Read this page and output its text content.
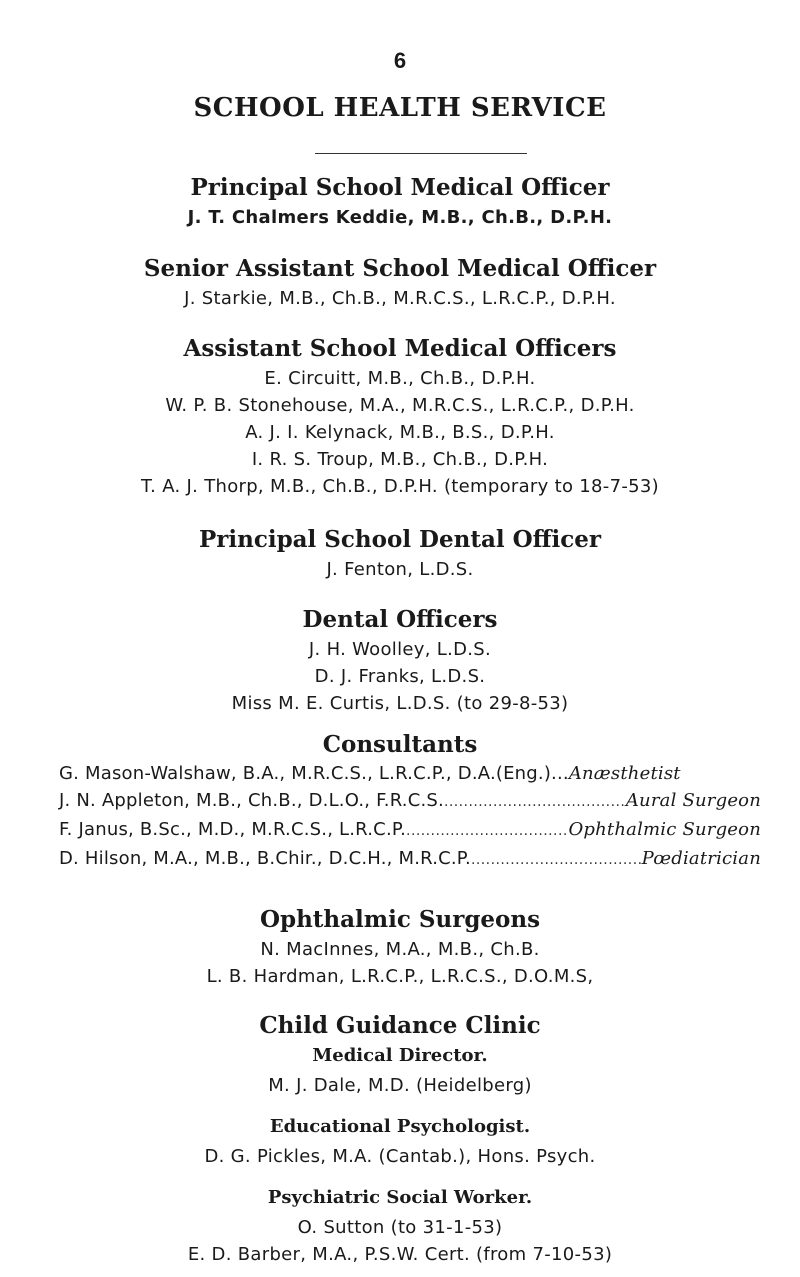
6
SCHOOL HEALTH SERVICE
Principal School Medical Officer

J. T. Chalmers Keddie, M.B., Ch.B., D.P.H.

Senior Assistant School Medical Officer

J. Starkie, M.B., Ch.B., M.R.C.S., L.R.C.P., D.P.H.

Assistant School Medical Officers

E. Circuitt, M.B., Ch.B., D.P.H.

W. P. B. Stonehouse, M.A., M.R.C.S., L.R.C.P., D.P.H.

A. J. I. Kelynack, M.B., B.S., D.P.H.

I. R. S. Troup, M.B., Ch.B., D.P.H.

T. A. J. Thorp, M.B., Ch.B., D.P.H. (temporary to 18-7-53)

Principal School Dental Officer

J. Fenton, L.D.S.

Dental Officers

J. H. Woolley, L.D.S.

D. J. Franks, L.D.S.

Miss M. E. Curtis, L.D.S. (to 29-8-53)

Consultants
G. Mason-Walshaw, B.A., M.R.C.S., L.R.C.P., D.A.(Eng.)... Anæsthetist
J. N. Appleton, M.B., Ch.B., D.L.O., F.R.C.S. . . .	Aural Surgeon
F. Janus, B.Sc., M.D., M.R.C.S., L.R.C.P. . . .	Ophthalmic Surgeon
D. Hilson, M.A., M.B., B.Chir., D.C.H., M.R.C.P. . . .	Pœdiatrician
Ophthalmic Surgeons

N. MacInnes, M.A., M.B., Ch.B.

L. B. Hardman, L.R.C.P., L.R.C.S., D.O.M.S,

Child Guidance Clinic

Medical Director.

M. J. Dale, M.D. (Heidelberg)

Educational Psychologist.

D. G. Pickles, M.A. (Cantab.), Hons. Psych.

Psychiatric Social Worker.

O. Sutton (to 31-1-53)

E. D. Barber, M.A., P.S.W. Cert. (from 7-10-53)
